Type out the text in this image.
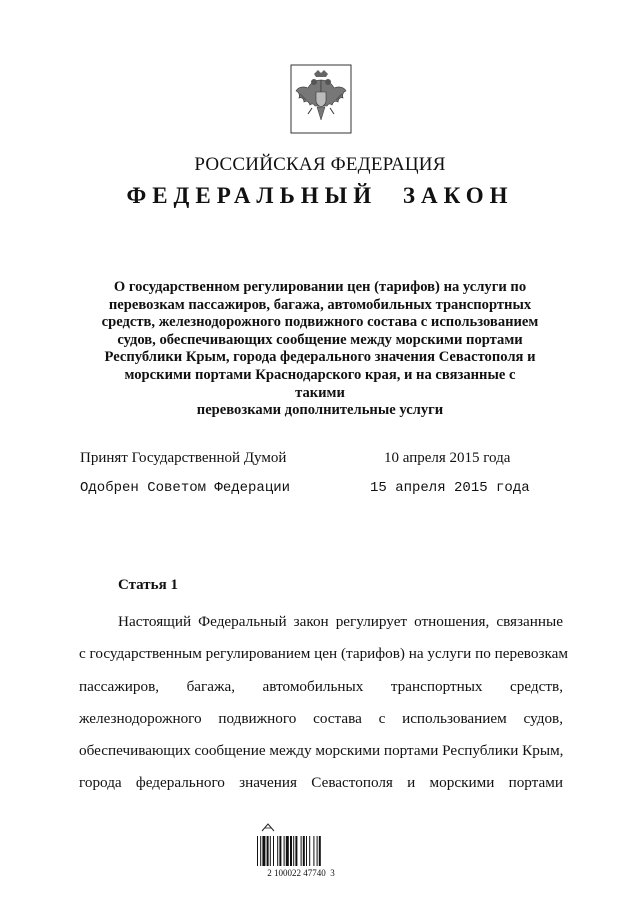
РОССИЙСКАЯ ФЕДЕРАЦИЯ
ФЕДЕРАЛЬНЫЙ ЗАКОН
О государственном регулировании цен (тарифов) на услуги по
перевозкам пассажиров, багажа, автомобильных транспортных
средств, железнодорожного подвижного состава с использованием
судов, обеспечивающих сообщение между морскими портами
Республики Крым, города федерального значения Севастополя и
морскими портами Краснодарского края, и на связанные с такими
перевозками дополнительные услуги
Принят Государственной Думой	10 апреля 2015 года
Одобрен Советом Федерации	15 апреля 2015 года
Статья 1
Настоящий Федеральный закон регулирует отношения, связанные
с государственным регулированием цен (тарифов) на услуги по перевозкам
пассажиров, багажа, автомобильных транспортных средств,
железнодорожного подвижного состава с использованием судов,
обеспечивающих сообщение между морскими портами Республики Крым,
города федерального значения Севастополя и морскими портами
2 100022 47740  3
